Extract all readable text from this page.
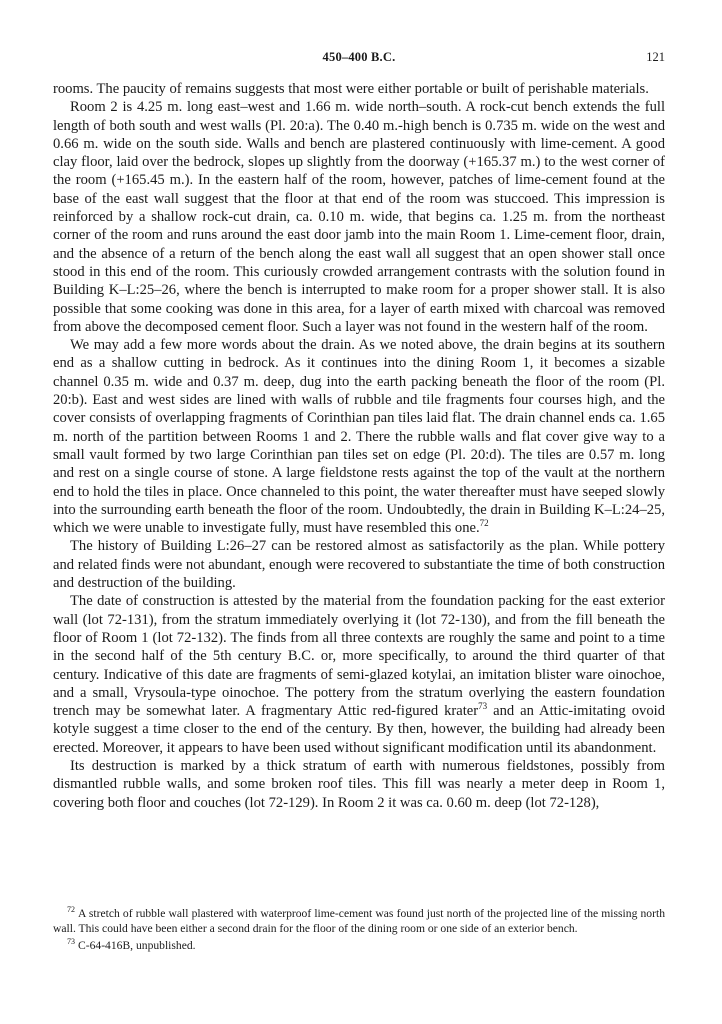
450–400 B.C.	121

rooms. The paucity of remains suggests that most were either portable or built of perishable materials.

Room 2 is 4.25 m. long east–west and 1.66 m. wide north–south. A rock-cut bench extends the full length of both south and west walls (Pl. 20:a). The 0.40 m.-high bench is 0.735 m. wide on the west and 0.66 m. wide on the south side. Walls and bench are plastered continuously with lime-cement. A good clay floor, laid over the bedrock, slopes up slightly from the doorway (+165.37 m.) to the west corner of the room (+165.45 m.). In the eastern half of the room, however, patches of lime-cement found at the base of the east wall suggest that the floor at that end of the room was stuccoed. This impression is reinforced by a shallow rock-cut drain, ca. 0.10 m. wide, that begins ca. 1.25 m. from the northeast corner of the room and runs around the east door jamb into the main Room 1. Lime-cement floor, drain, and the absence of a return of the bench along the east wall all suggest that an open shower stall once stood in this end of the room. This curiously crowded arrangement contrasts with the solution found in Building K–L:25–26, where the bench is interrupted to make room for a proper shower stall. It is also possible that some cooking was done in this area, for a layer of earth mixed with charcoal was removed from above the decomposed cement floor. Such a layer was not found in the western half of the room.

We may add a few more words about the drain. As we noted above, the drain begins at its southern end as a shallow cutting in bedrock. As it continues into the dining Room 1, it becomes a sizable channel 0.35 m. wide and 0.37 m. deep, dug into the earth packing beneath the floor of the room (Pl. 20:b). East and west sides are lined with walls of rubble and tile fragments four courses high, and the cover consists of overlapping fragments of Corinthian pan tiles laid flat. The drain channel ends ca. 1.65 m. north of the partition between Rooms 1 and 2. There the rubble walls and flat cover give way to a small vault formed by two large Corinthian pan tiles set on edge (Pl. 20:d). The tiles are 0.57 m. long and rest on a single course of stone. A large fieldstone rests against the top of the vault at the northern end to hold the tiles in place. Once channeled to this point, the water thereafter must have seeped slowly into the surrounding earth beneath the floor of the room. Undoubtedly, the drain in Building K–L:24–25, which we were unable to investigate fully, must have resembled this one.$^{72}$

The history of Building L:26–27 can be restored almost as satisfactorily as the plan. While pottery and related finds were not abundant, enough were recovered to substantiate the time of both construction and destruction of the building.

The date of construction is attested by the material from the foundation packing for the east exterior wall (lot 72-131), from the stratum immediately overlying it (lot 72-130), and from the fill beneath the floor of Room 1 (lot 72-132). The finds from all three contexts are roughly the same and point to a time in the second half of the 5th century B.C. or, more specifically, to around the third quarter of that century. Indicative of this date are fragments of semi-glazed kotylai, an imitation blister ware oinochoe, and a small, Vrysoula-type oinochoe. The pottery from the stratum overlying the eastern foundation trench may be somewhat later. A fragmentary Attic red-figured krater$^{73}$ and an Attic-imitating ovoid kotyle suggest a time closer to the end of the century. By then, however, the building had already been erected. Moreover, it appears to have been used without significant modification until its abandonment.

Its destruction is marked by a thick stratum of earth with numerous fieldstones, possibly from dismantled rubble walls, and some broken roof tiles. This fill was nearly a meter deep in Room 1, covering both floor and couches (lot 72-129). In Room 2 it was ca. 0.60 m. deep (lot 72-128),

$^{72}$ A stretch of rubble wall plastered with waterproof lime-cement was found just north of the projected line of the missing north wall. This could have been either a second drain for the floor of the dining room or one side of an exterior bench.

$^{73}$ C-64-416B, unpublished.
